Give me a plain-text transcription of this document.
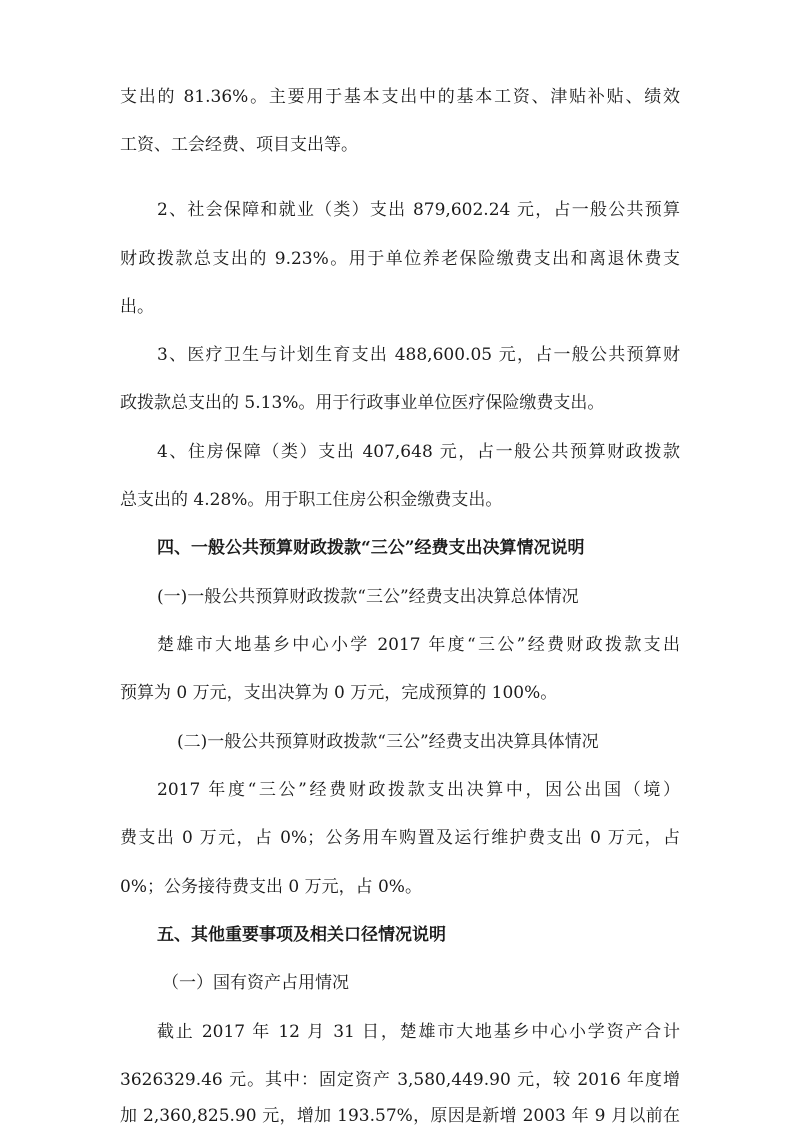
支出的 81.36%。主要用于基本支出中的基本工资、津贴补贴、绩效
工资、工会经费、项目支出等。
2、社会保障和就业（类）支出 879,602.24 元，占一般公共预算
财政拨款总支出的 9.23%。用于单位养老保险缴费支出和离退休费支
出。
3、医疗卫生与计划生育支出 488,600.05 元，占一般公共预算财
政拨款总支出的 5.13%。用于行政事业单位医疗保险缴费支出。
4、住房保障（类）支出 407,648 元，占一般公共预算财政拨款
总支出的 4.28%。用于职工住房公积金缴费支出。
四、一般公共预算财政拨款“三公”经费支出决算情况说明
(一)一般公共预算财政拨款“三公”经费支出决算总体情况
楚雄市大地基乡中心小学 2017 年度“三公”经费财政拨款支出
预算为 0 万元，支出决算为 0 万元，完成预算的 100%。
(二)一般公共预算财政拨款“三公”经费支出决算具体情况
2017 年度“三公”经费财政拨款支出决算中，因公出国（境）
费支出 0 万元，占 0%；公务用车购置及运行维护费支出 0 万元，占
0%；公务接待费支出 0 万元，占 0%。
五、其他重要事项及相关口径情况说明
（一）国有资产占用情况
截止 2017 年 12 月 31 日，楚雄市大地基乡中心小学资产合计
3626329.46 元。其中：固定资产 3,580,449.90 元，较 2016 年度增
加 2,360,825.90 元，增加 193.57%，原因是新增 2003 年 9 月以前在
